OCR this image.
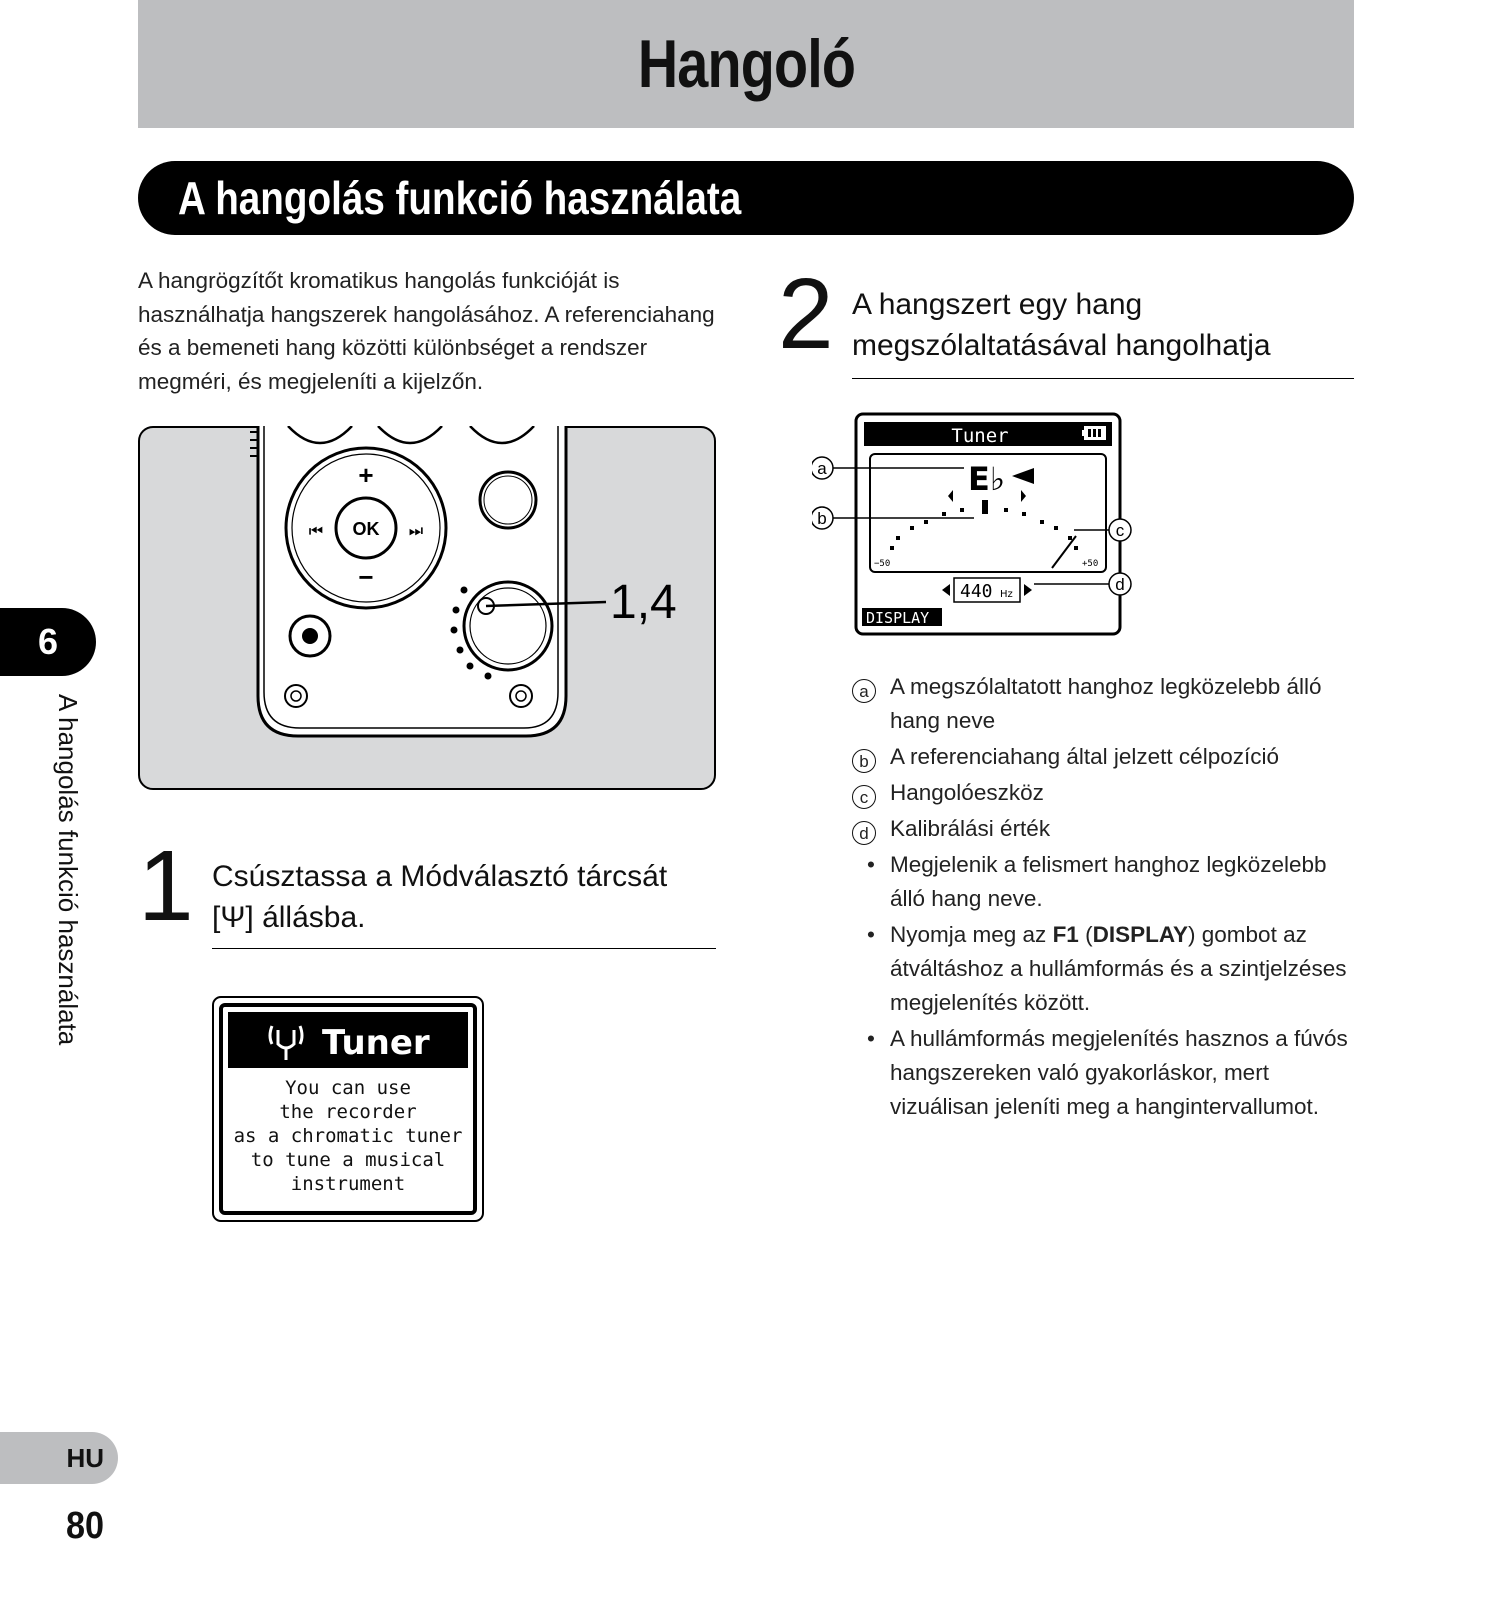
Hangoló
A hangolás funkció használata
A hangrögzítőt kromatikus hangolás funkcióját is használhatja hangszerek hangolásához. A referenciahang és a bemeneti hang közötti különbséget a rendszer megméri, és megjeleníti a kijelzőn.
OK
+
−
⏮	⏭
1,4
1 Csúsztassa a Módválasztó tárcsát
[Ψ] állásba.
Tuner
You can use
the recorder
as a chromatic tuner
to tune a musical
instrument
2 A hangszert egy hang
megszólaltatásával hangolhatja
Tuner
E♭
−50	+50
440 Hz
DISPLAY
a
b
c
d
a A megszólaltatott hanghoz legközelebb álló hang neve
b A referenciahang által jelzett célpozíció
c Hangolóeszköz
d Kalibrálási érték
• Megjelenik a felismert hanghoz legközelebb álló hang neve.
• Nyomja meg az F1 (DISPLAY) gombot az átváltáshoz a hullámformás és a szintjelzéses megjelenítés között.
• A hullámformás megjelenítés hasznos a fúvós hangszereken való gyakorláskor, mert vizuálisan jeleníti meg a hangintervallumot.
6
A hangolás funkció használata
HU
80
